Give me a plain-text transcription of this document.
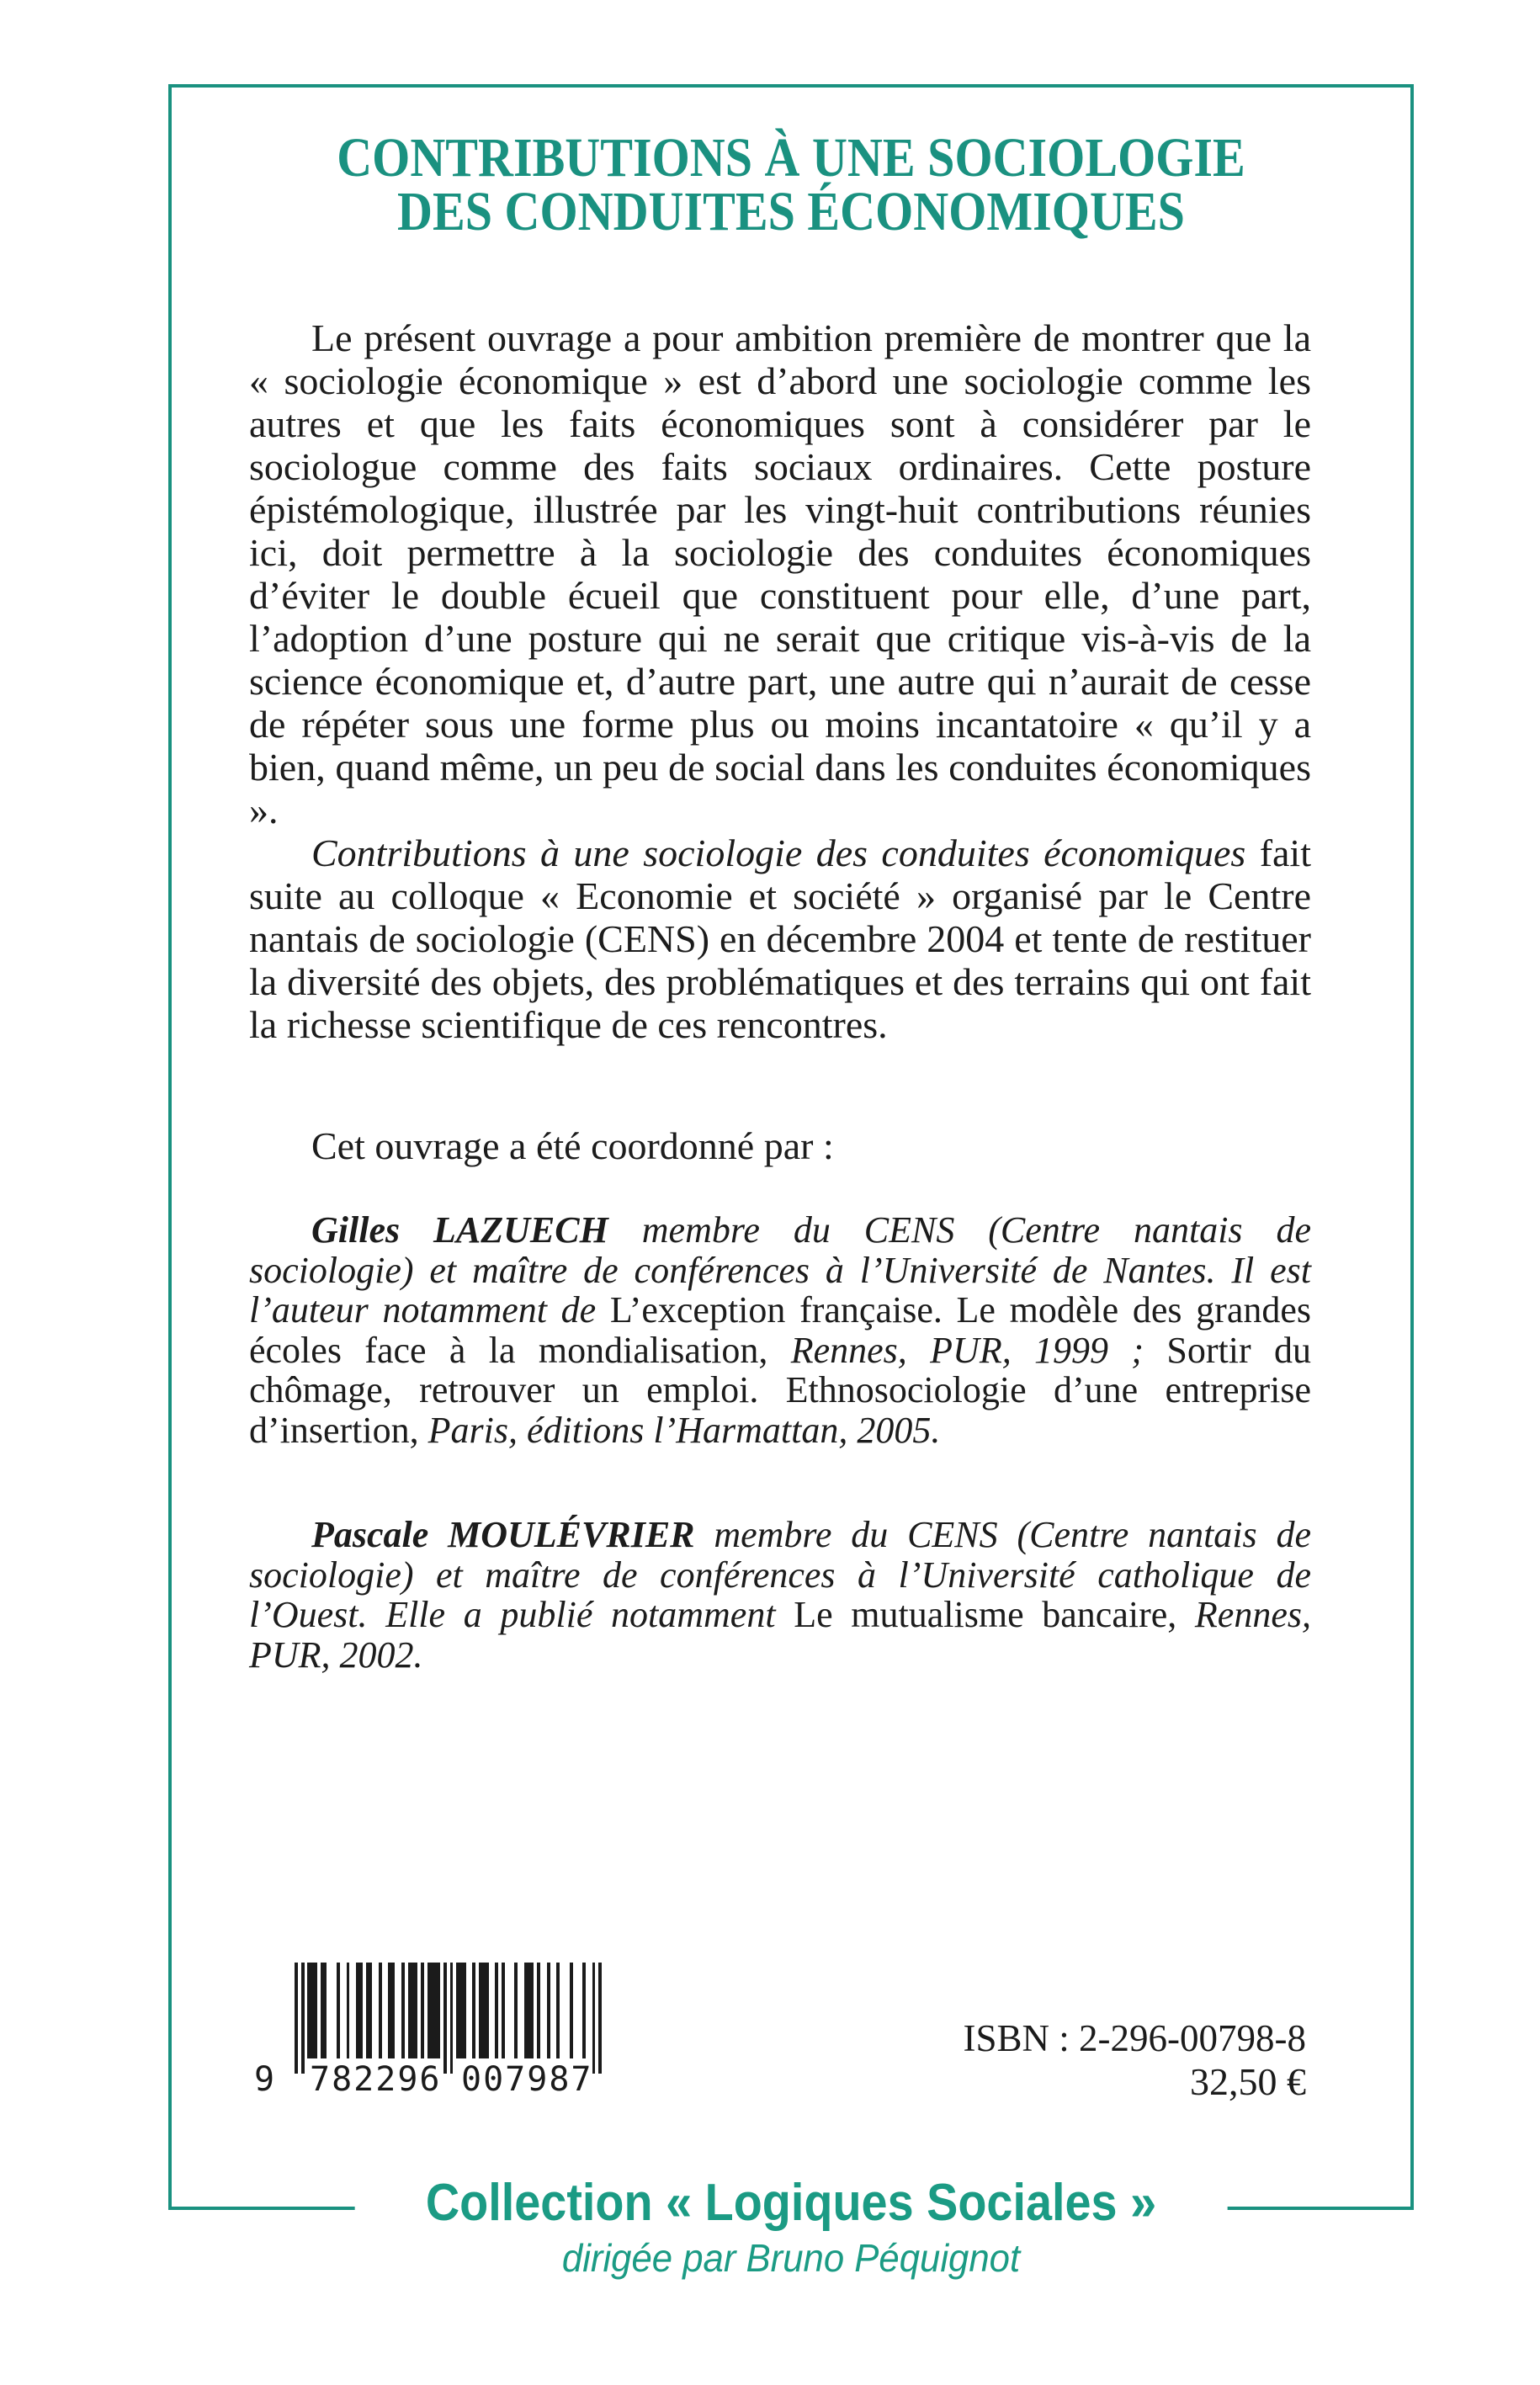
CONTRIBUTIONS À UNE SOCIOLOGIE
DES CONDUITES ÉCONOMIQUES

Le présent ouvrage a pour ambition première de montrer que la « sociologie économique » est d’abord une sociologie comme les autres et que les faits économiques sont à considérer par le sociologue comme des faits sociaux ordinaires. Cette posture épistémologique, illustrée par les vingt-huit contributions réunies ici, doit permettre à la sociologie des conduites économiques d’éviter le double écueil que constituent pour elle, d’une part, l’adoption d’une posture qui ne serait que critique vis-à-vis de la science économique et, d’autre part, une autre qui n’aurait de cesse de répéter sous une forme plus ou moins incantatoire « qu’il y a bien, quand même, un peu de social dans les conduites économiques ».

Contributions à une sociologie des conduites économiques fait suite au colloque « Economie et société » organisé par le Centre nantais de sociologie (CENS) en décembre 2004 et tente de restituer la diversité des objets, des problématiques et des terrains qui ont fait la richesse scientifique de ces rencontres.

Cet ouvrage a été coordonné par :
Gilles LAZUECH membre du CENS (Centre nantais de sociologie) et maître de conférences à l’Université de Nantes. Il est l’auteur notamment de L’exception française. Le modèle des grandes écoles face à la mondialisation, Rennes, PUR, 1999 ; Sortir du chômage, retrouver un emploi. Ethnosociologie d’une entreprise d’insertion, Paris, éditions l’Harmattan, 2005.
Pascale MOULÉVRIER membre du CENS (Centre nantais de sociologie) et maître de conférences à l’Université catholique de l’Ouest. Elle a publié notamment Le mutualisme bancaire, Rennes, PUR, 2002.
9 782296 007987
ISBN : 2-296-00798-8
32,50 €
Collection « Logiques Sociales »
dirigée par Bruno Péquignot
